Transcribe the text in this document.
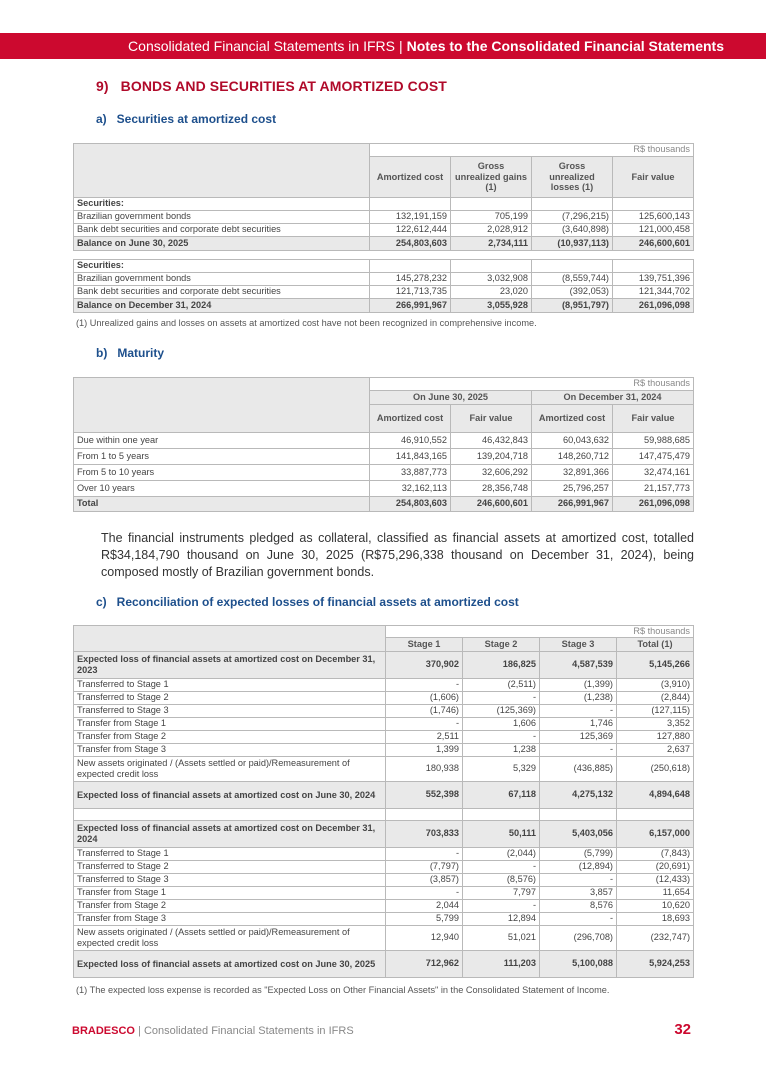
Consolidated Financial Statements in IFRS | Notes to the Consolidated Financial Statements
9)   BONDS AND SECURITIES AT AMORTIZED COST
a)   Securities at amortized cost
	R$ thousands			
	Amortized cost	Gross unrealized gains (1)	Gross unrealized losses (1)	Fair value
Securities:				
Brazilian government bonds	132,191,159	705,199	(7,296,215)	125,600,143
Bank debt securities and corporate debt securities	122,612,444	2,028,912	(3,640,898)	121,000,458
Balance on June 30, 2025	254,803,603	2,734,111	(10,937,113)	246,600,601

Securities:				
Brazilian government bonds	145,278,232	3,032,908	(8,559,744)	139,751,396
Bank debt securities and corporate debt securities	121,713,735	23,020	(392,053)	121,344,702
Balance on December 31, 2024	266,991,967	3,055,928	(8,951,797)	261,096,098
(1) Unrealized gains and losses on assets at amortized cost have not been recognized in comprehensive income.
b)   Maturity
	R$ thousands			
	On June 30, 2025		On December 31, 2024	
	Amortized cost	Fair value	Amortized cost	Fair value
Due within one year	46,910,552	46,432,843	60,043,632	59,988,685
From 1 to 5 years	141,843,165	139,204,718	148,260,712	147,475,479
From 5 to 10 years	33,887,773	32,606,292	32,891,366	32,474,161
Over 10 years	32,162,113	28,356,748	25,796,257	21,157,773
Total	254,803,603	246,600,601	266,991,967	261,096,098
The financial instruments pledged as collateral, classified as financial assets at amortized cost, totalled R$34,184,790 thousand on June 30, 2025 (R$75,296,338 thousand on December 31, 2024), being composed mostly of Brazilian government bonds.
c)   Reconciliation of expected losses of financial assets at amortized cost
	R$ thousands			
	Stage 1	Stage 2	Stage 3	Total (1)
Expected loss of financial assets at amortized cost on December 31, 2023	370,902	186,825	4,587,539	5,145,266
Transferred to Stage 1	-	(2,511)	(1,399)	(3,910)
Transferred to Stage 2	(1,606)	-	(1,238)	(2,844)
Transferred to Stage 3	(1,746)	(125,369)	-	(127,115)
Transfer from Stage 1	-	1,606	1,746	3,352
Transfer from Stage 2	2,511	-	125,369	127,880
Transfer from Stage 3	1,399	1,238	-	2,637
New assets originated / (Assets settled or paid)/Remeasurement of expected credit loss	180,938	5,329	(436,885)	(250,618)
Expected loss of financial assets at amortized cost on June 30, 2024	552,398	67,118	4,275,132	4,894,648

Expected loss of financial assets at amortized cost on December 31, 2024	703,833	50,111	5,403,056	6,157,000
Transferred to Stage 1	-	(2,044)	(5,799)	(7,843)
Transferred to Stage 2	(7,797)	-	(12,894)	(20,691)
Transferred to Stage 3	(3,857)	(8,576)	-	(12,433)
Transfer from Stage 1	-	7,797	3,857	11,654
Transfer from Stage 2	2,044	-	8,576	10,620
Transfer from Stage 3	5,799	12,894	-	18,693
New assets originated / (Assets settled or paid)/Remeasurement of expected credit loss	12,940	51,021	(296,708)	(232,747)
Expected loss of financial assets at amortized cost on June 30, 2025	712,962	111,203	5,100,088	5,924,253
(1) The expected loss expense is recorded as "Expected Loss on Other Financial Assets" in the Consolidated Statement of Income.
BRADESCO | Consolidated Financial Statements in IFRS	32
